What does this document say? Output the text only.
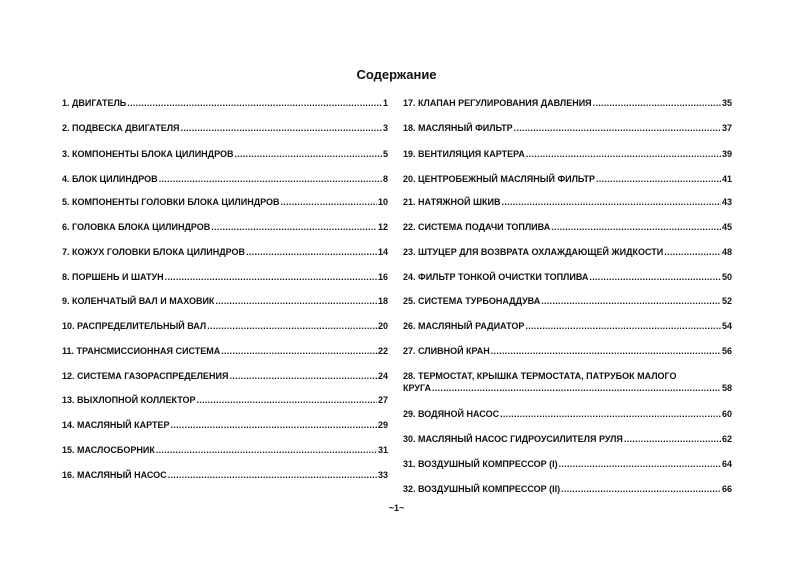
Содержание
1. ДВИГАТЕЛЬ .....	1
2. ПОДВЕСКА ДВИГАТЕЛЯ .....	3
3. КОМПОНЕНТЫ БЛОКА ЦИЛИНДРОВ .....	5
4. БЛОК ЦИЛИНДРОВ .....	8
5. КОМПОНЕНТЫ ГОЛОВКИ БЛОКА ЦИЛИНДРОВ .....	10
6. ГОЛОВКА БЛОКА ЦИЛИНДРОВ .....	12
7. КОЖУХ ГОЛОВКИ БЛОКА ЦИЛИНДРОВ .....	14
8. ПОРШЕНЬ И ШАТУН .....	16
9. КОЛЕНЧАТЫЙ ВАЛ И МАХОВИК .....	18
10. РАСПРЕДЕЛИТЕЛЬНЫЙ ВАЛ .....	20
11. ТРАНСМИССИОННАЯ СИСТЕМА .....	22
12. СИСТЕМА ГАЗОРАСПРЕДЕЛЕНИЯ .....	24
13. ВЫХЛОПНОЙ КОЛЛЕКТОР .....	27
14. МАСЛЯНЫЙ КАРТЕР .....	29
15. МАСЛОСБОРНИК .....	31
16. МАСЛЯНЫЙ НАСОС .....	33
17. КЛАПАН РЕГУЛИРОВАНИЯ ДАВЛЕНИЯ .....	35
18. МАСЛЯНЫЙ ФИЛЬТР .....	37
19. ВЕНТИЛЯЦИЯ КАРТЕРА .....	39
20. ЦЕНТРОБЕЖНЫЙ МАСЛЯНЫЙ ФИЛЬТР .....	41
21. НАТЯЖНОЙ ШКИВ .....	43
22. СИСТЕМА ПОДАЧИ ТОПЛИВА .....	45
23. ШТУЦЕР ДЛЯ ВОЗВРАТА ОХЛАЖДАЮЩЕЙ ЖИДКОСТИ .....	48
24. ФИЛЬТР ТОНКОЙ ОЧИСТКИ ТОПЛИВА .....	50
25. СИСТЕМА ТУРБОНАДДУВА .....	52
26. МАСЛЯНЫЙ РАДИАТОР .....	54
27. СЛИВНОЙ КРАН .....	56
28. ТЕРМОСТАТ, КРЫШКА ТЕРМОСТАТА, ПАТРУБОК МАЛОГО
КРУГА .....	58
29. ВОДЯНОЙ НАСОС .....	60
30. МАСЛЯНЫЙ НАСОС ГИДРОУСИЛИТЕЛЯ РУЛЯ .....	62
31. ВОЗДУШНЫЙ КОМПРЕССОР (I) .....	64
32. ВОЗДУШНЫЙ КОМПРЕССОР (II) .....	66
~1~
